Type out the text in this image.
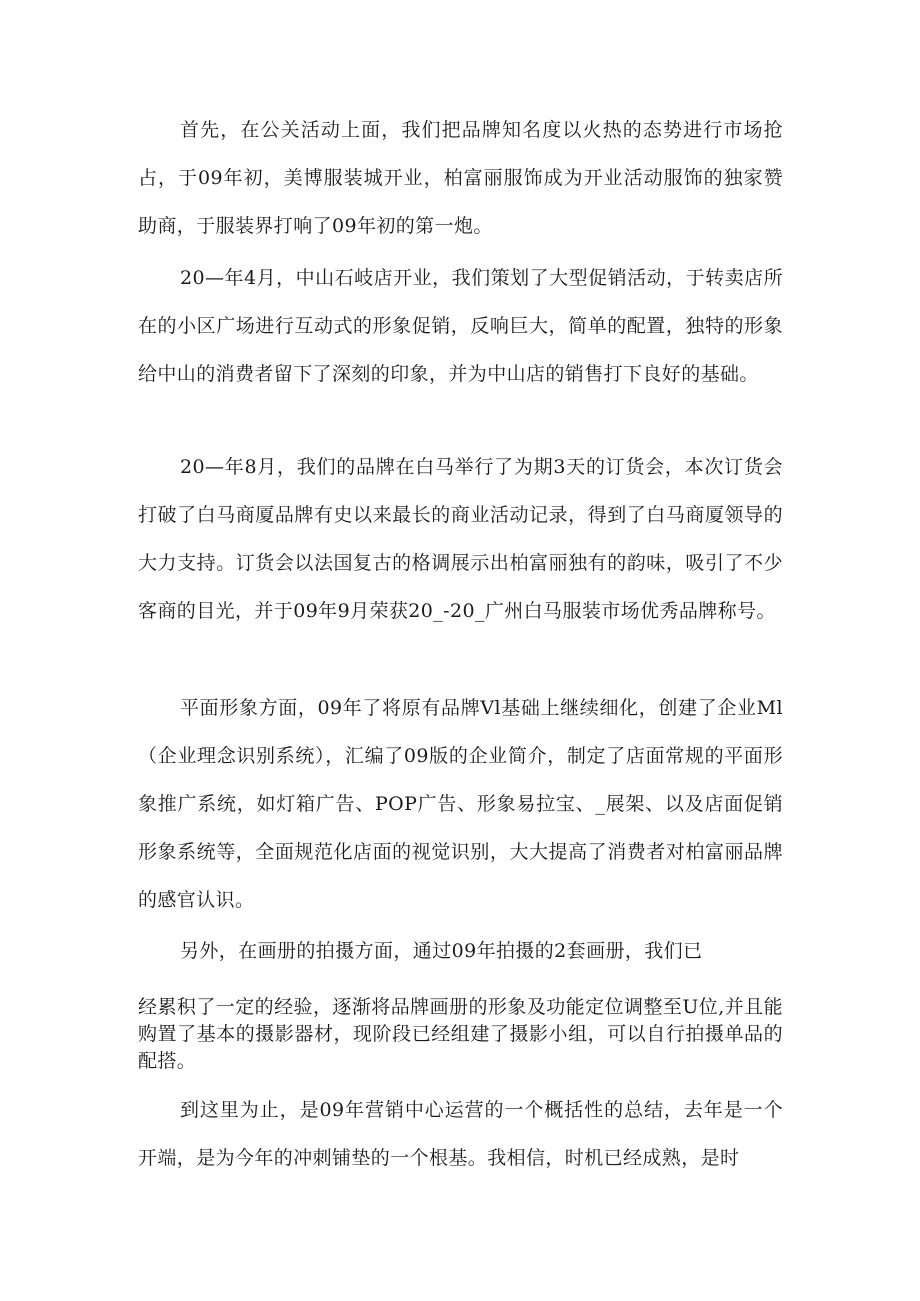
首先，在公关活动上面，我们把品牌知名度以火热的态势进行市场抢占，于09年初，美博服装城开业，柏富丽服饰成为开业活动服饰的独家赞助商，于服装界打响了09年初的第一炮。

20—年4月，中山石岐店开业，我们策划了大型促销活动，于转卖店所在的小区广场进行互动式的形象促销，反响巨大，简单的配置，独特的形象给中山的消费者留下了深刻的印象，并为中山店的销售打下良好的基础。

20—年8月，我们的品牌在白马举行了为期3天的订货会，本次订货会打破了白马商厦品牌有史以来最长的商业活动记录，得到了白马商厦领导的大力支持。订货会以法国复古的格调展示出柏富丽独有的韵味，吸引了不少客商的目光，并于09年9月荣获20_-20_广州白马服装市场优秀品牌称号。

平面形象方面，09年了将原有品牌Vl基础上继续细化，创建了企业Ml（企业理念识别系统），汇编了09版的企业简介，制定了店面常规的平面形象推广系统，如灯箱广告、POP广告、形象易拉宝、_展架、以及店面促销形象系统等，全面规范化店面的视觉识别，大大提高了消费者对柏富丽品牌的感官认识。

另外，在画册的拍摄方面，通过09年拍摄的2套画册，我们已

经累积了一定的经验，逐渐将品牌画册的形象及功能定位调整至U位,并且能购置了基本的摄影器材，现阶段已经组建了摄影小组，可以自行拍摄单品的配搭。

到这里为止，是09年营销中心运营的一个概括性的总结，去年是一个开端，是为今年的冲刺铺垫的一个根基。我相信，时机已经成熟，是时
